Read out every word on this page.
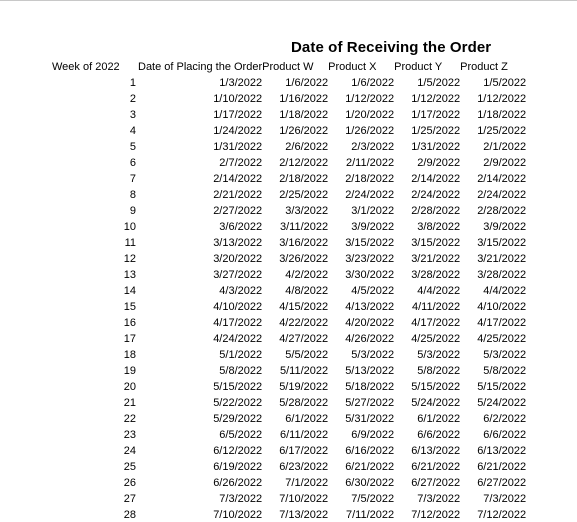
Date of Receiving the Order
Week of 2022	Date of Placing the Order	Product W	Product X	Product Y	Product Z
1	1/3/2022	1/6/2022	1/6/2022	1/5/2022	1/5/2022
2	1/10/2022	1/16/2022	1/12/2022	1/12/2022	1/12/2022
3	1/17/2022	1/18/2022	1/20/2022	1/17/2022	1/18/2022
4	1/24/2022	1/26/2022	1/26/2022	1/25/2022	1/25/2022
5	1/31/2022	2/6/2022	2/3/2022	1/31/2022	2/1/2022
6	2/7/2022	2/12/2022	2/11/2022	2/9/2022	2/9/2022
7	2/14/2022	2/18/2022	2/18/2022	2/14/2022	2/14/2022
8	2/21/2022	2/25/2022	2/24/2022	2/24/2022	2/24/2022
9	2/27/2022	3/3/2022	3/1/2022	2/28/2022	2/28/2022
10	3/6/2022	3/11/2022	3/9/2022	3/8/2022	3/9/2022
11	3/13/2022	3/16/2022	3/15/2022	3/15/2022	3/15/2022
12	3/20/2022	3/26/2022	3/23/2022	3/21/2022	3/21/2022
13	3/27/2022	4/2/2022	3/30/2022	3/28/2022	3/28/2022
14	4/3/2022	4/8/2022	4/5/2022	4/4/2022	4/4/2022
15	4/10/2022	4/15/2022	4/13/2022	4/11/2022	4/10/2022
16	4/17/2022	4/22/2022	4/20/2022	4/17/2022	4/17/2022
17	4/24/2022	4/27/2022	4/26/2022	4/25/2022	4/25/2022
18	5/1/2022	5/5/2022	5/3/2022	5/3/2022	5/3/2022
19	5/8/2022	5/11/2022	5/13/2022	5/8/2022	5/8/2022
20	5/15/2022	5/19/2022	5/18/2022	5/15/2022	5/15/2022
21	5/22/2022	5/28/2022	5/27/2022	5/24/2022	5/24/2022
22	5/29/2022	6/1/2022	5/31/2022	6/1/2022	6/2/2022
23	6/5/2022	6/11/2022	6/9/2022	6/6/2022	6/6/2022
24	6/12/2022	6/17/2022	6/16/2022	6/13/2022	6/13/2022
25	6/19/2022	6/23/2022	6/21/2022	6/21/2022	6/21/2022
26	6/26/2022	7/1/2022	6/30/2022	6/27/2022	6/27/2022
27	7/3/2022	7/10/2022	7/5/2022	7/3/2022	7/3/2022
28	7/10/2022	7/13/2022	7/11/2022	7/12/2022	7/12/2022
